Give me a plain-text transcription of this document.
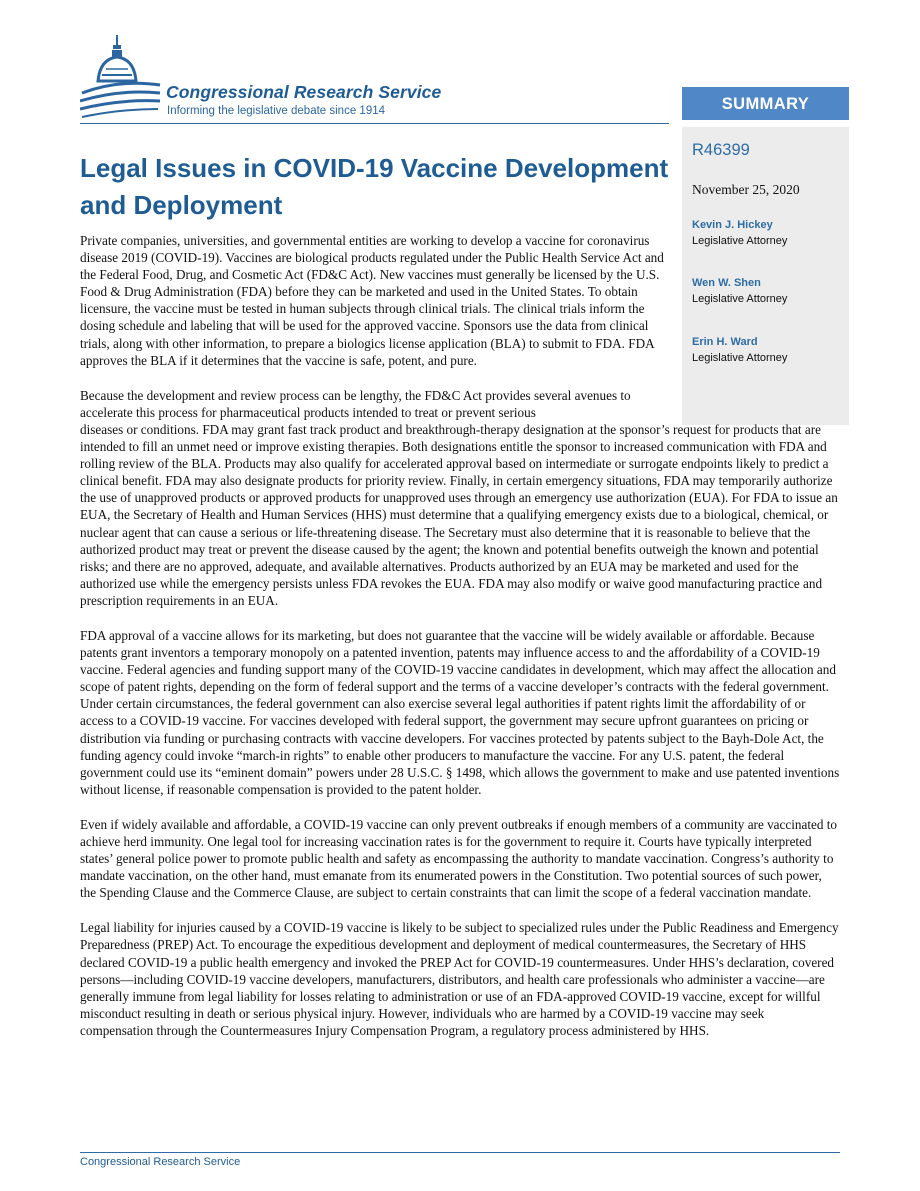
Congressional Research Service
Informing the legislative debate since 1914	SUMMARY
R46399
November 25, 2020
Kevin J. Hickey
Legislative Attorney
Wen W. Shen
Legislative Attorney
Erin H. Ward
Legislative Attorney
Legal Issues in COVID-19 Vaccine Development and Deployment

Private companies, universities, and governmental entities are working to develop a vaccine for coronavirus disease 2019 (COVID-19). Vaccines are biological products regulated under the Public Health Service Act and the Federal Food, Drug, and Cosmetic Act (FD&C Act). New vaccines must generally be licensed by the U.S. Food & Drug Administration (FDA) before they can be marketed and used in the United States. To obtain licensure, the vaccine must be tested in human subjects through clinical trials. The clinical trials inform the dosing schedule and labeling that will be used for the approved vaccine. Sponsors use the data from clinical trials, along with other information, to prepare a biologics license application (BLA) to submit to FDA. FDA approves the BLA if it determines that the vaccine is safe, potent, and pure.

Because the development and review process can be lengthy, the FD&C Act provides several avenues to accelerate this process for pharmaceutical products intended to treat or prevent serious
diseases or conditions. FDA may grant fast track product and breakthrough-therapy designation at the sponsor’s request for products that are intended to fill an unmet need or improve existing therapies. Both designations entitle the sponsor to increased communication with FDA and rolling review of the BLA. Products may also qualify for accelerated approval based on intermediate or surrogate endpoints likely to predict a clinical benefit. FDA may also designate products for priority review. Finally, in certain emergency situations, FDA may temporarily authorize the use of unapproved products or approved products for unapproved uses through an emergency use authorization (EUA). For FDA to issue an EUA, the Secretary of Health and Human Services (HHS) must determine that a qualifying emergency exists due to a biological, chemical, or nuclear agent that can cause a serious or life-threatening disease. The Secretary must also determine that it is reasonable to believe that the authorized product may treat or prevent the disease caused by the agent; the known and potential benefits outweigh the known and potential risks; and there are no approved, adequate, and available alternatives. Products authorized by an EUA may be marketed and used for the authorized use while the emergency persists unless FDA revokes the EUA. FDA may also modify or waive good manufacturing practice and prescription requirements in an EUA.

FDA approval of a vaccine allows for its marketing, but does not guarantee that the vaccine will be widely available or affordable. Because patents grant inventors a temporary monopoly on a patented invention, patents may influence access to and the affordability of a COVID-19 vaccine. Federal agencies and funding support many of the COVID-19 vaccine candidates in development, which may affect the allocation and scope of patent rights, depending on the form of federal support and the terms of a vaccine developer’s contracts with the federal government. Under certain circumstances, the federal government can also exercise several legal authorities if patent rights limit the affordability of or access to a COVID-19 vaccine. For vaccines developed with federal support, the government may secure upfront guarantees on pricing or distribution via funding or purchasing contracts with vaccine developers. For vaccines protected by patents subject to the Bayh-Dole Act, the funding agency could invoke “march-in rights” to enable other producers to manufacture the vaccine. For any U.S. patent, the federal government could use its “eminent domain” powers under 28 U.S.C. § 1498, which allows the government to make and use patented inventions without license, if reasonable compensation is provided to the patent holder.

Even if widely available and affordable, a COVID-19 vaccine can only prevent outbreaks if enough members of a community are vaccinated to achieve herd immunity. One legal tool for increasing vaccination rates is for the government to require it. Courts have typically interpreted states’ general police power to promote public health and safety as encompassing the authority to mandate vaccination. Congress’s authority to mandate vaccination, on the other hand, must emanate from its enumerated powers in the Constitution. Two potential sources of such power, the Spending Clause and the Commerce Clause, are subject to certain constraints that can limit the scope of a federal vaccination mandate.

Legal liability for injuries caused by a COVID-19 vaccine is likely to be subject to specialized rules under the Public Readiness and Emergency Preparedness (PREP) Act. To encourage the expeditious development and deployment of medical countermeasures, the Secretary of HHS declared COVID-19 a public health emergency and invoked the PREP Act for COVID-19 countermeasures. Under HHS’s declaration, covered persons—including COVID-19 vaccine developers, manufacturers, distributors, and health care professionals who administer a vaccine—are generally immune from legal liability for losses relating to administration or use of an FDA-approved COVID-19 vaccine, except for willful misconduct resulting in death or serious physical injury. However, individuals who are harmed by a COVID-19 vaccine may seek compensation through the Countermeasures Injury Compensation Program, a regulatory process administered by HHS.

Congressional Research Service
